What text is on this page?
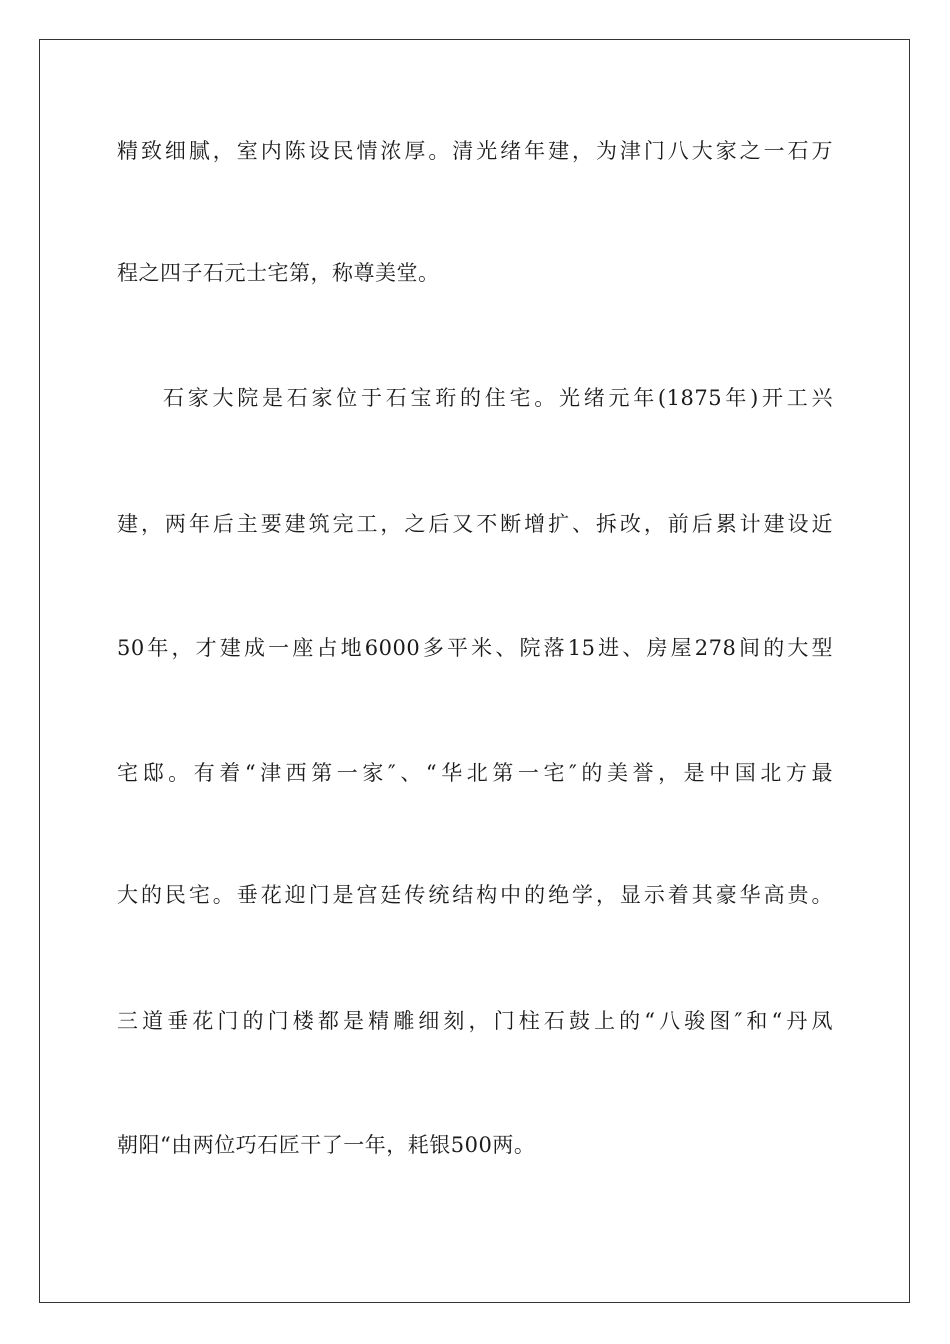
精致细腻，室内陈设民情浓厚。清光绪年建，为津门八大家之一石万
程之四子石元士宅第，称尊美堂。
石家大院是石家位于石宝珩的住宅。光绪元年(1875年)开工兴
建，两年后主要建筑完工，之后又不断增扩、拆改，前后累计建设近
50年，才建成一座占地6000多平米、院落15进、房屋278间的大型
宅邸。有着“津西第一家″、“华北第一宅″的美誉，是中国北方最
大的民宅。垂花迎门是宫廷传统结构中的绝学，显示着其豪华高贵。
三道垂花门的门楼都是精雕细刻，门柱石鼓上的“八骏图″和“丹凤
朝阳“由两位巧石匠干了一年，耗银500两。
